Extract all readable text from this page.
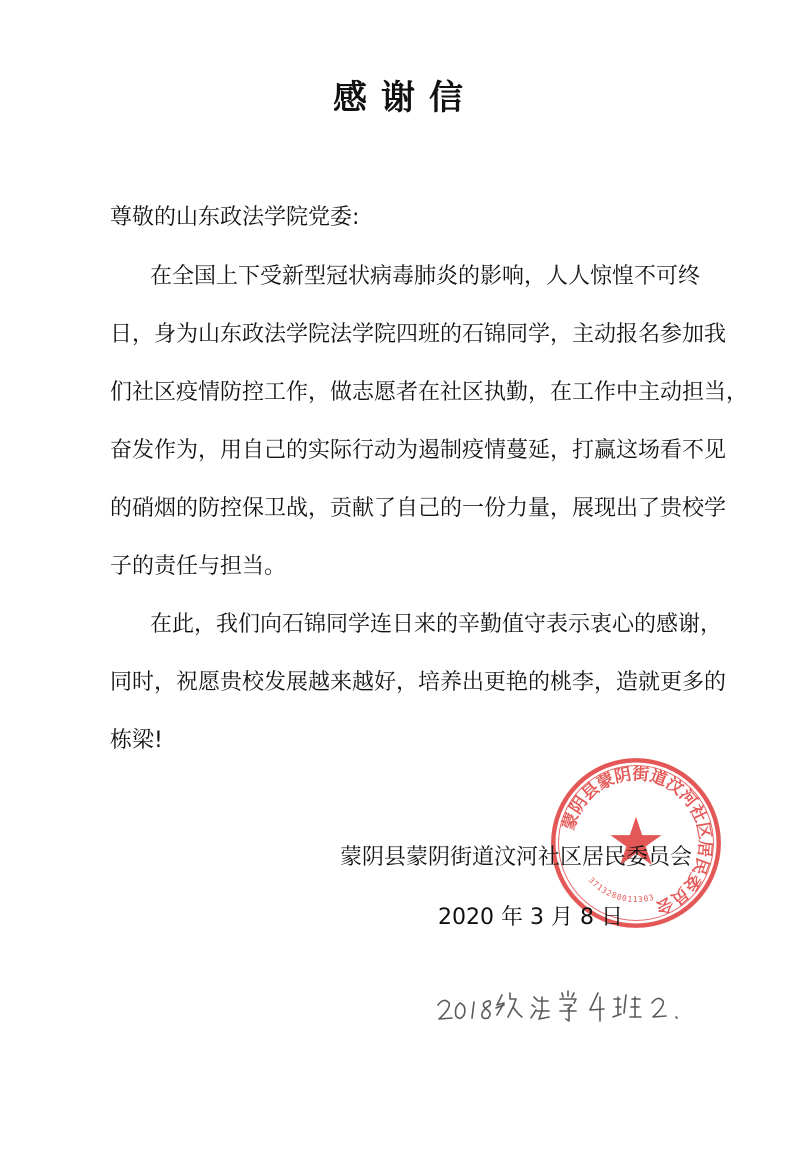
感谢信
尊敬的山东政法学院党委:
在全国上下受新型冠状病毒肺炎的影响，人人惊惶不可终
日，身为山东政法学院法学院四班的石锦同学，主动报名参加我
们社区疫情防控工作，做志愿者在社区执勤，在工作中主动担当，
奋发作为，用自己的实际行动为遏制疫情蔓延，打赢这场看不见
的硝烟的防控保卫战，贡献了自己的一份力量，展现出了贵校学
子的责任与担当。
在此，我们向石锦同学连日来的辛勤值守表示衷心的感谢，
同时，祝愿贵校发展越来越好，培养出更艳的桃李，造就更多的
栋梁!
蒙阴县蒙阴街道汶河社区居民委员会
3713280011303
蒙阴县蒙阴街道汶河社区居民委员会
2020 年 3 月 8 日
